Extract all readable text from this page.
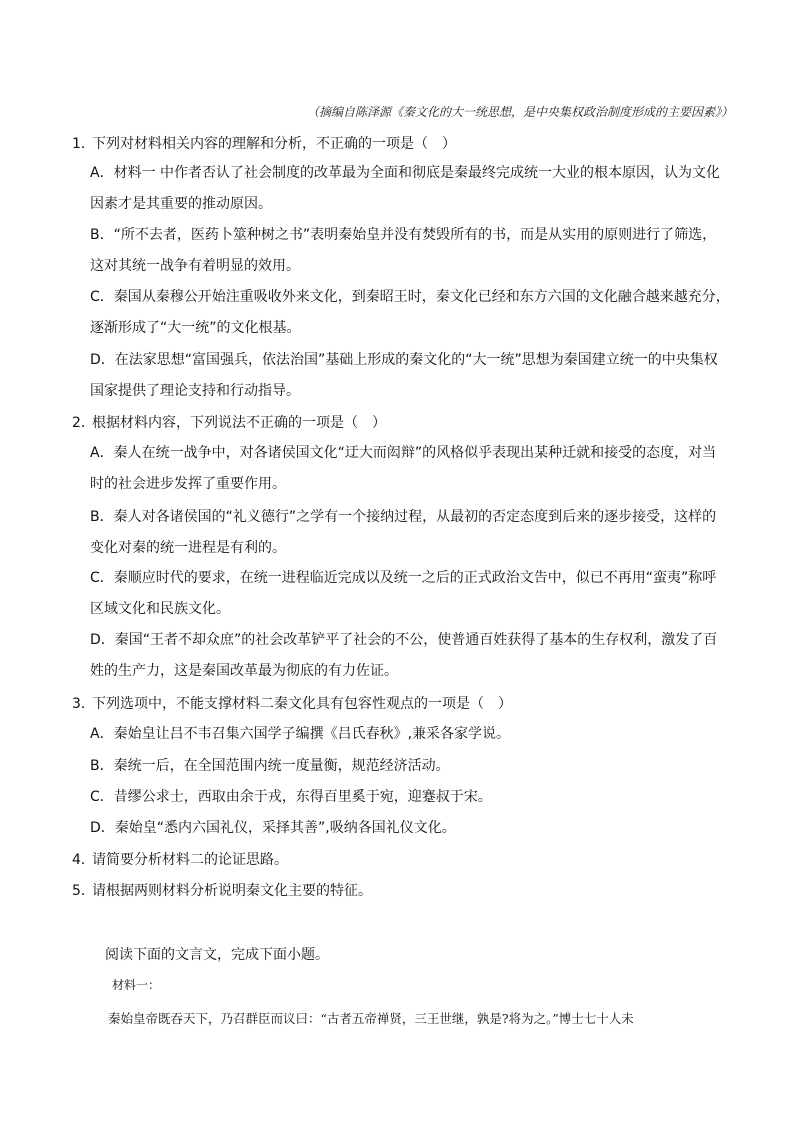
（摘编自陈泽源《秦文化的大一统思想，是中央集权政治制度形成的主要因素》）
1．下列对材料相关内容的理解和分析，不正确的一项是（　）
A．材料一 中作者否认了社会制度的改革最为全面和彻底是秦最终完成统一大业的根本原因，认为文化
因素才是其重要的推动原因。
B．“所不去者，医药卜筮种树之书”表明秦始皇并没有焚毁所有的书，而是从实用的原则进行了筛选，
这对其统一战争有着明显的效用。
C．秦国从秦穆公开始注重吸收外来文化，到秦昭王时，秦文化已经和东方六国的文化融合越来越充分，
逐渐形成了“大一统”的文化根基。
D．在法家思想“富国强兵，依法治国”基础上形成的秦文化的“大一统”思想为秦国建立统一的中央集权
国家提供了理论支持和行动指导。
2．根据材料内容，下列说法不正确的一项是（　）
A．秦人在统一战争中，对各诸侯国文化“迂大而闳辩”的风格似乎表现出某种迁就和接受的态度，对当
时的社会进步发挥了重要作用。
B．秦人对各诸侯国的“礼义德行”之学有一个接纳过程，从最初的否定态度到后来的逐步接受，这样的
变化对秦的统一进程是有利的。
C．秦顺应时代的要求，在统一进程临近完成以及统一之后的正式政治文告中，似已不再用“蛮夷”称呼
区域文化和民族文化。
D．秦国“王者不却众庶”的社会改革铲平了社会的不公，使普通百姓获得了基本的生存权利，激发了百
姓的生产力，这是秦国改革最为彻底的有力佐证。
3．下列选项中，不能支撑材料二秦文化具有包容性观点的一项是（　）
A．秦始皇让吕不韦召集六国学子编撰《吕氏春秋》,兼采各家学说。
B．秦统一后，在全国范围内统一度量衡，规范经济活动。
C．昔缪公求士，西取由余于戎，东得百里奚于宛，迎蹇叔于宋。
D．秦始皇“悉内六国礼仪，采择其善”,吸纳各国礼仪文化。
4．请简要分析材料二的论证思路。
5．请根据两则材料分析说明秦文化主要的特征。
阅读下面的文言文，完成下面小题。
材料一：
秦始皇帝既吞天下，乃召群臣而议曰：“古者五帝禅贤，三王世继，孰是?将为之。”博士七十人未
